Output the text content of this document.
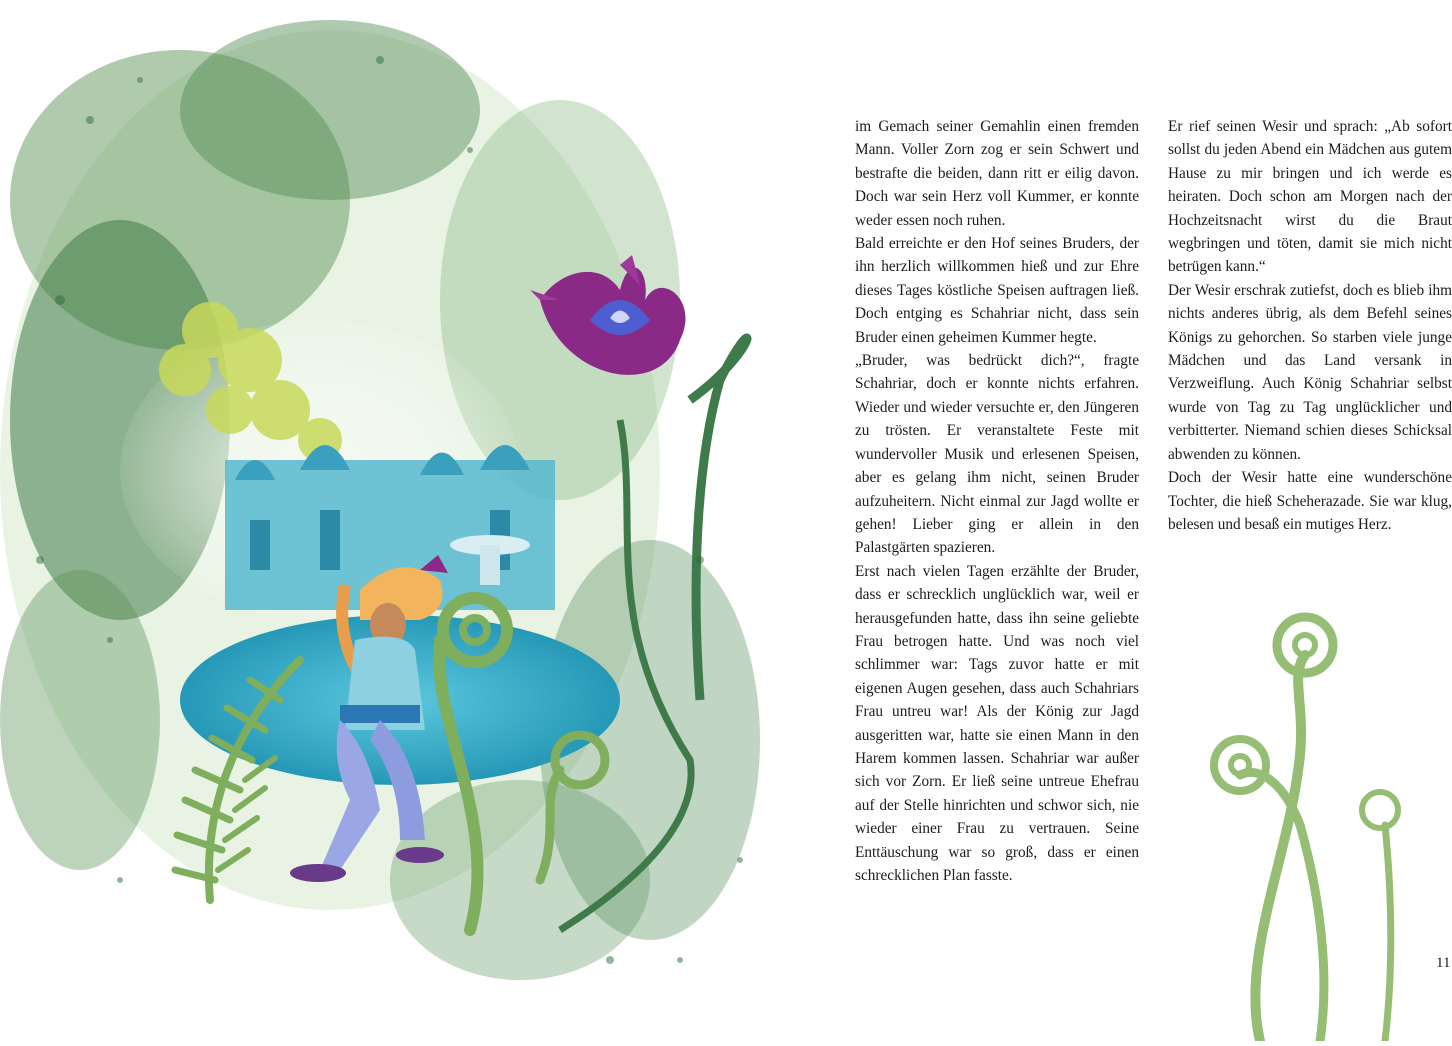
im Gemach seiner Gemahlin einen fremden Mann. Voller Zorn zog er sein Schwert und bestrafte die beiden, dann ritt er eilig davon. Doch war sein Herz voll Kummer, er konnte weder essen noch ruhen.

Bald erreichte er den Hof seines Bruders, der ihn herzlich willkommen hieß und zur Ehre dieses Tages köstliche Speisen auftragen ließ. Doch entging es Schahriar nicht, dass sein Bruder einen geheimen Kummer hegte.

„Bruder, was bedrückt dich?“, fragte Schahriar, doch er konnte nichts erfahren. Wieder und wieder versuchte er, den Jüngeren zu trösten. Er veranstaltete Feste mit wundervoller Musik und erlesenen Speisen, aber es gelang ihm nicht, seinen Bruder aufzuheitern. Nicht einmal zur Jagd wollte er gehen! Lieber ging er allein in den Palastgärten spazieren.

Erst nach vielen Tagen erzählte der Bruder, dass er schrecklich unglücklich war, weil er herausgefunden hatte, dass ihn seine geliebte Frau betrogen hatte. Und was noch viel schlimmer war: Tags zuvor hatte er mit eigenen Augen gesehen, dass auch Schahriars Frau untreu war! Als der König zur Jagd ausgeritten war, hatte sie einen Mann in den Harem kommen lassen. Schahriar war außer sich vor Zorn. Er ließ seine untreue Ehefrau auf der Stelle hinrichten und schwor sich, nie wieder einer Frau zu vertrauen. Seine Enttäuschung war so groß, dass er einen schrecklichen Plan fasste.

Er rief seinen Wesir und sprach: „Ab sofort sollst du jeden Abend ein Mädchen aus gutem Hause zu mir bringen und ich werde es heiraten. Doch schon am Morgen nach der Hochzeitsnacht wirst du die Braut wegbringen und töten, damit sie mich nicht betrügen kann.“

Der Wesir erschrak zutiefst, doch es blieb ihm nichts anderes übrig, als dem Befehl seines Königs zu gehorchen. So starben viele junge Mädchen und das Land versank in Verzweiflung. Auch König Schahriar selbst wurde von Tag zu Tag unglücklicher und verbitterter. Niemand schien dieses Schicksal abwenden zu können.

Doch der Wesir hatte eine wunderschöne Tochter, die hieß Scheherazade. Sie war klug, belesen und besaß ein mutiges Herz.

11
